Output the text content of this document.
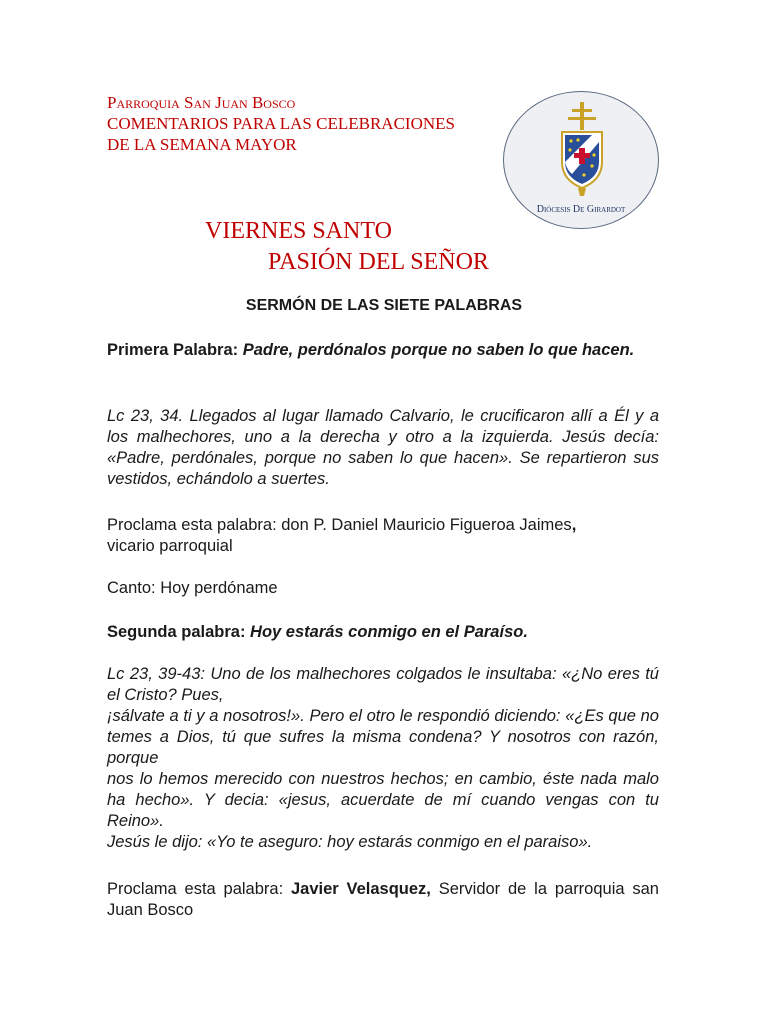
Parroquia San Juan Bosco
COMENTARIOS PARA LAS CELEBRACIONES
DE LA SEMANA MAYOR
Diócesis De Girardot
VIERNES SANTO
PASIÓN DEL SEÑOR
SERMÓN DE LAS SIETE PALABRAS

Primera Palabra: Padre, perdónalos porque no saben lo que hacen.

Lc 23, 34. Llegados al lugar llamado Calvario, le crucificaron allí a Él y a los malhechores, uno a la derecha y otro a la izquierda. Jesús decía: «Padre, perdónales, porque no saben lo que hacen». Se repartieron sus vestidos, echándolo a suertes.

Proclama esta palabra: don P. Daniel Mauricio Figueroa Jaimes,
vicario parroquial

Canto: Hoy perdóname

Segunda palabra: Hoy estarás conmigo en el Paraíso.

Lc 23, 39-43: Uno de los malhechores colgados le insultaba: «¿No eres tú el Cristo? Pues,

¡sálvate a ti y a nosotros!». Pero el otro le respondió diciendo: «¿Es que no temes a Dios, tú que sufres la misma condena? Y nosotros con razón, porque

nos lo hemos merecido con nuestros hechos; en cambio, éste nada malo ha hecho». Y decia: «jesus, acuerdate de mí cuando vengas con tu Reino».

Jesús le dijo: «Yo te aseguro: hoy estarás conmigo en el paraiso».

Proclama esta palabra: Javier Velasquez, Servidor de la parroquia san Juan Bosco
